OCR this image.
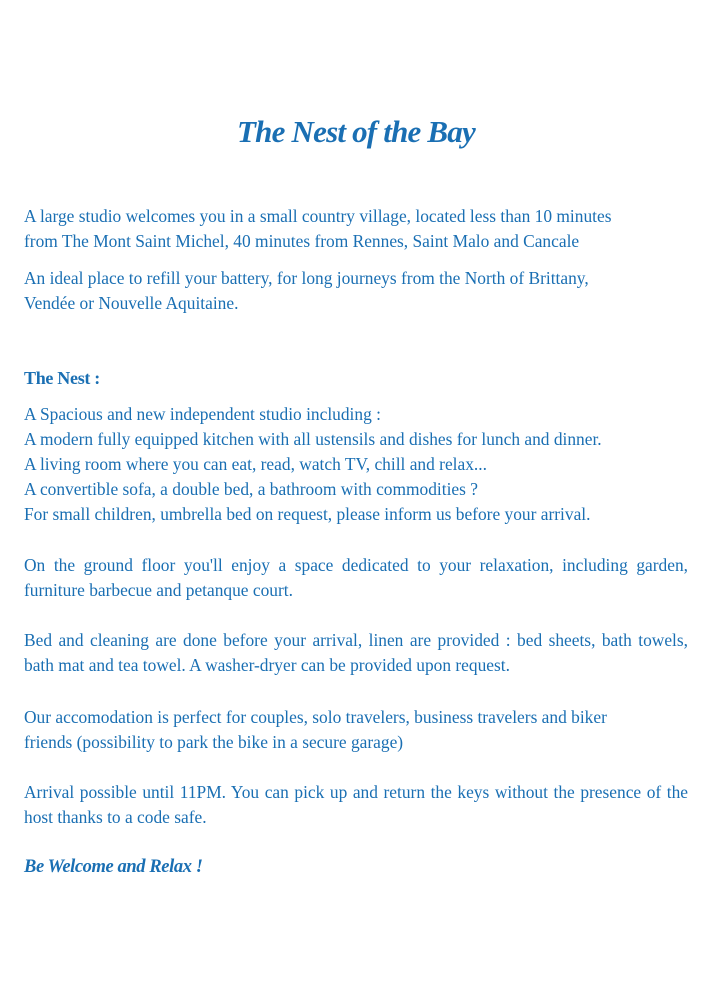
The Nest of the Bay

A large studio welcomes you in a small country village, located less than 10 minutes
from The Mont Saint Michel, 40 minutes from Rennes, Saint Malo and Cancale

An ideal place to refill your battery, for long journeys from the North of Brittany,
Vendée or Nouvelle Aquitaine.

The Nest :

A Spacious and new independent studio including :
A modern fully equipped kitchen with all ustensils and dishes for lunch and dinner.
A living room where you can eat, read, watch TV, chill and relax...
A convertible sofa, a double bed, a bathroom with commodities ?
For small children, umbrella bed on request, please inform us before your arrival.

On the ground floor you'll enjoy a space dedicated to your relaxation, including garden, furniture barbecue and petanque court.

Bed and cleaning are done before your arrival, linen are provided : bed sheets, bath towels, bath mat and tea towel. A washer-dryer can be provided upon request.

Our accomodation is perfect for couples, solo travelers, business travelers and biker
friends (possibility to park the bike in a secure garage)

Arrival possible until 11PM. You can pick up and return the keys without the presence of the host thanks to a code safe.

Be Welcome and Relax !
